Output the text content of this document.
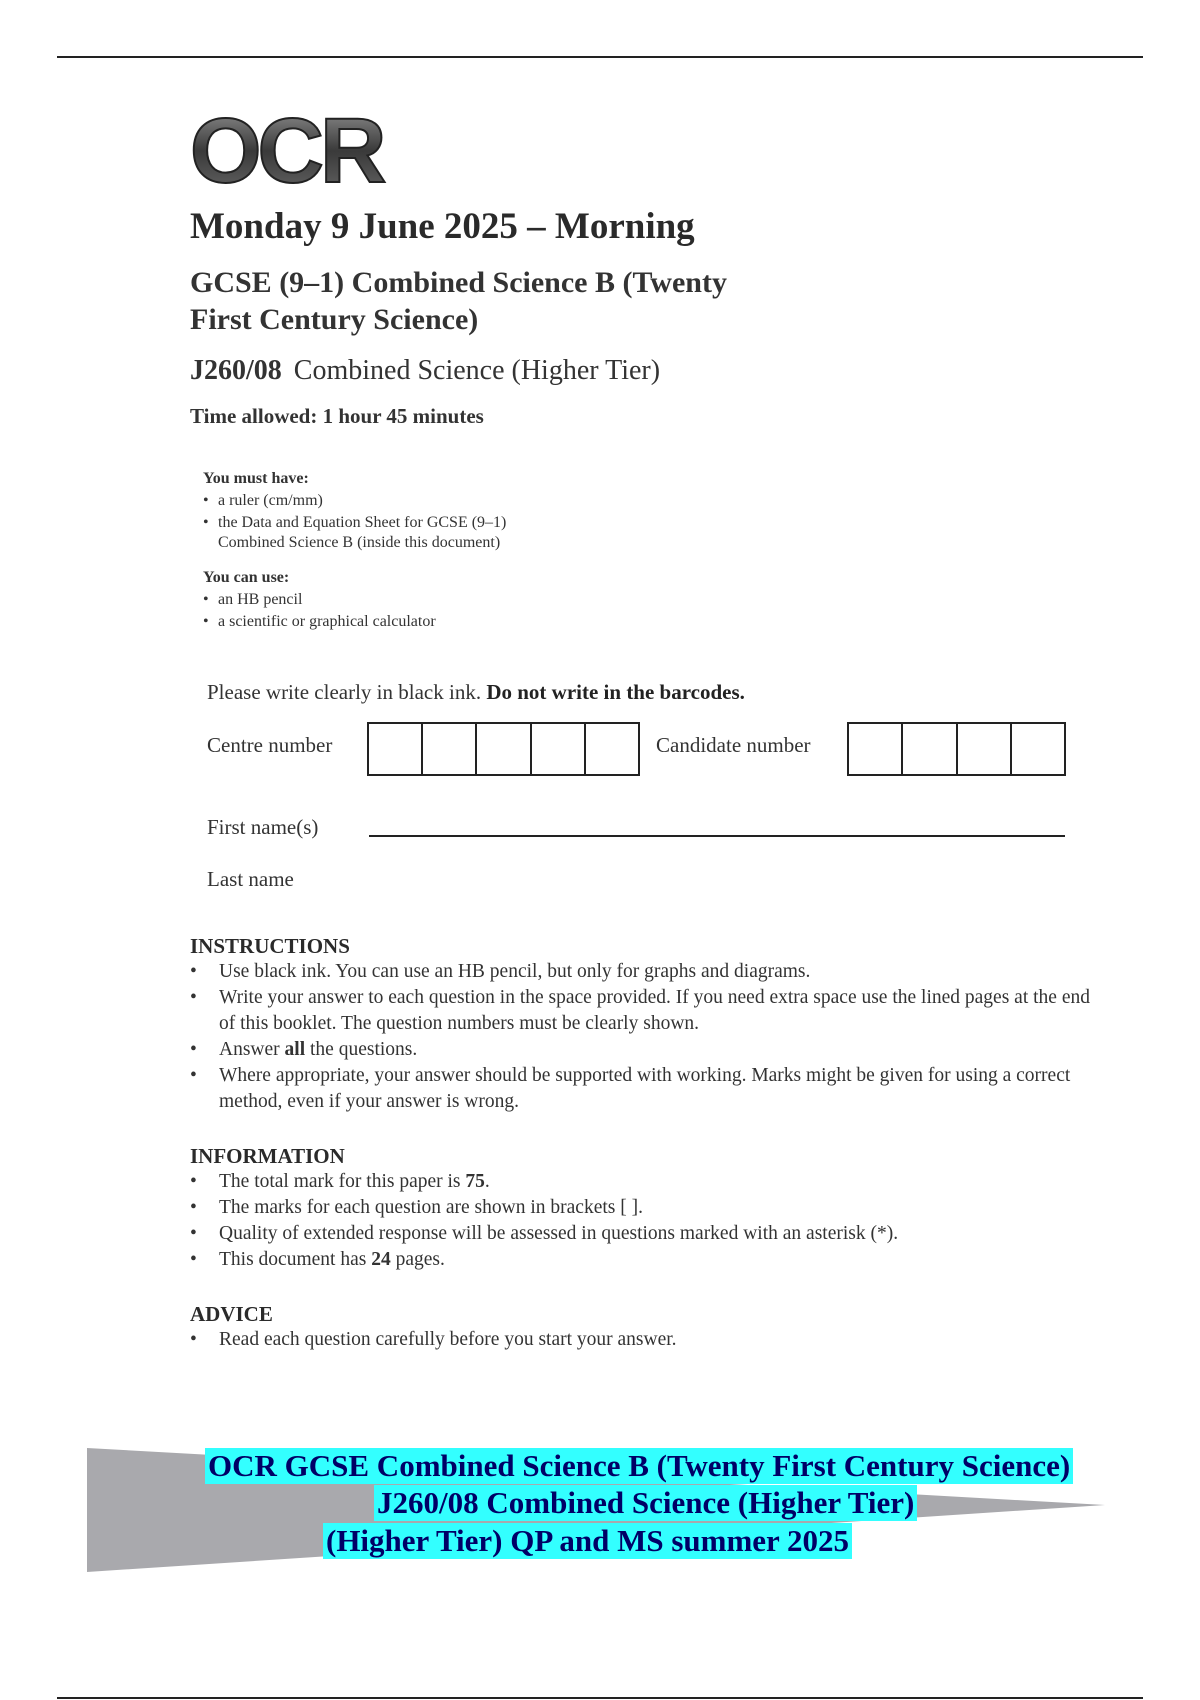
OCR
Monday 9 June 2025 – Morning
GCSE (9–1) Combined Science B (Twenty
First Century Science)
J260/08 Combined Science (Higher Tier)
Time allowed: 1 hour 45 minutes
You must have:
• a ruler (cm/mm)
• the Data and Equation Sheet for GCSE (9–1)
Combined Science B (inside this document)
You can use:
• an HB pencil
• a scientific or graphical calculator
Please write clearly in black ink. Do not write in the barcodes.
Centre number	Candidate number
First name(s)
Last name
INSTRUCTIONS
• Use black ink. You can use an HB pencil, but only for graphs and diagrams.
• Write your answer to each question in the space provided. If you need extra space use the lined pages at the end of this booklet. The question numbers must be clearly shown.
• Answer all the questions.
• Where appropriate, your answer should be supported with working. Marks might be given for using a correct method, even if your answer is wrong.
INFORMATION
• The total mark for this paper is 75.
• The marks for each question are shown in brackets [ ].
• Quality of extended response will be assessed in questions marked with an asterisk (*).
• This document has 24 pages.
ADVICE
• Read each question carefully before you start your answer.
OCR GCSE Combined Science B (Twenty First Century Science)
J260/08 Combined Science (Higher Tier)
(Higher Tier) QP and MS summer 2025
